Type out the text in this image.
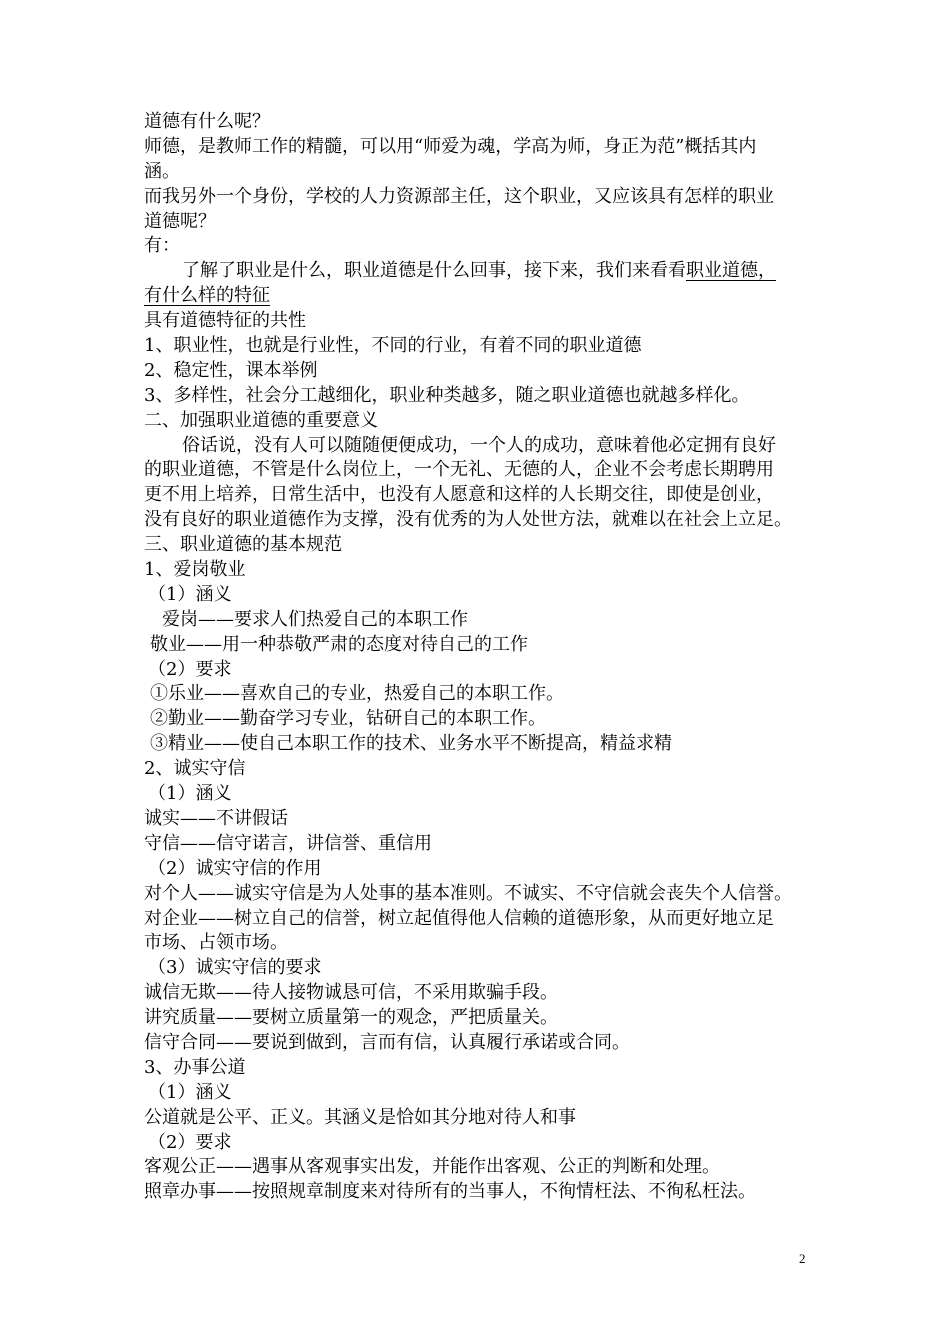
道德有什么呢？
师德，是教师工作的精髓，可以用“师爱为魂，学高为师，身正为范”概括其内
涵。
而我另外一个身份，学校的人力资源部主任，这个职业，又应该具有怎样的职业
道德呢？
有：
了解了职业是什么，职业道德是什么回事，接下来，我们来看看职业道德，
有什么样的特征
具有道德特征的共性
1、职业性，也就是行业性，不同的行业，有着不同的职业道德
2、稳定性，课本举例
3、多样性，社会分工越细化，职业种类越多，随之职业道德也就越多样化。
二、加强职业道德的重要意义
俗话说，没有人可以随随便便成功，一个人的成功，意味着他必定拥有良好
的职业道德，不管是什么岗位上，一个无礼、无德的人，企业不会考虑长期聘用
更不用上培养，日常生活中，也没有人愿意和这样的人长期交往，即使是创业，
没有良好的职业道德作为支撑，没有优秀的为人处世方法，就难以在社会上立足。
三、职业道德的基本规范
1、爱岗敬业
（1）涵义
爱岗——要求人们热爱自己的本职工作
敬业——用一种恭敬严肃的态度对待自己的工作
（2）要求
①乐业——喜欢自己的专业，热爱自己的本职工作。
②勤业——勤奋学习专业，钻研自己的本职工作。
③精业——使自己本职工作的技术、业务水平不断提高，精益求精
2、诚实守信
（1）涵义
诚实——不讲假话
守信——信守诺言，讲信誉、重信用
（2）诚实守信的作用
对个人——诚实守信是为人处事的基本准则。不诚实、不守信就会丧失个人信誉。
对企业——树立自己的信誉，树立起值得他人信赖的道德形象，从而更好地立足
市场、占领市场。
（3）诚实守信的要求
诚信无欺——待人接物诚恳可信，不采用欺骗手段。
讲究质量——要树立质量第一的观念，严把质量关。
信守合同——要说到做到，言而有信，认真履行承诺或合同。
3、办事公道
（1）涵义
公道就是公平、正义。其涵义是恰如其分地对待人和事
（2）要求
客观公正——遇事从客观事实出发，并能作出客观、公正的判断和处理。
照章办事——按照规章制度来对待所有的当事人，不徇情枉法、不徇私枉法。
2
